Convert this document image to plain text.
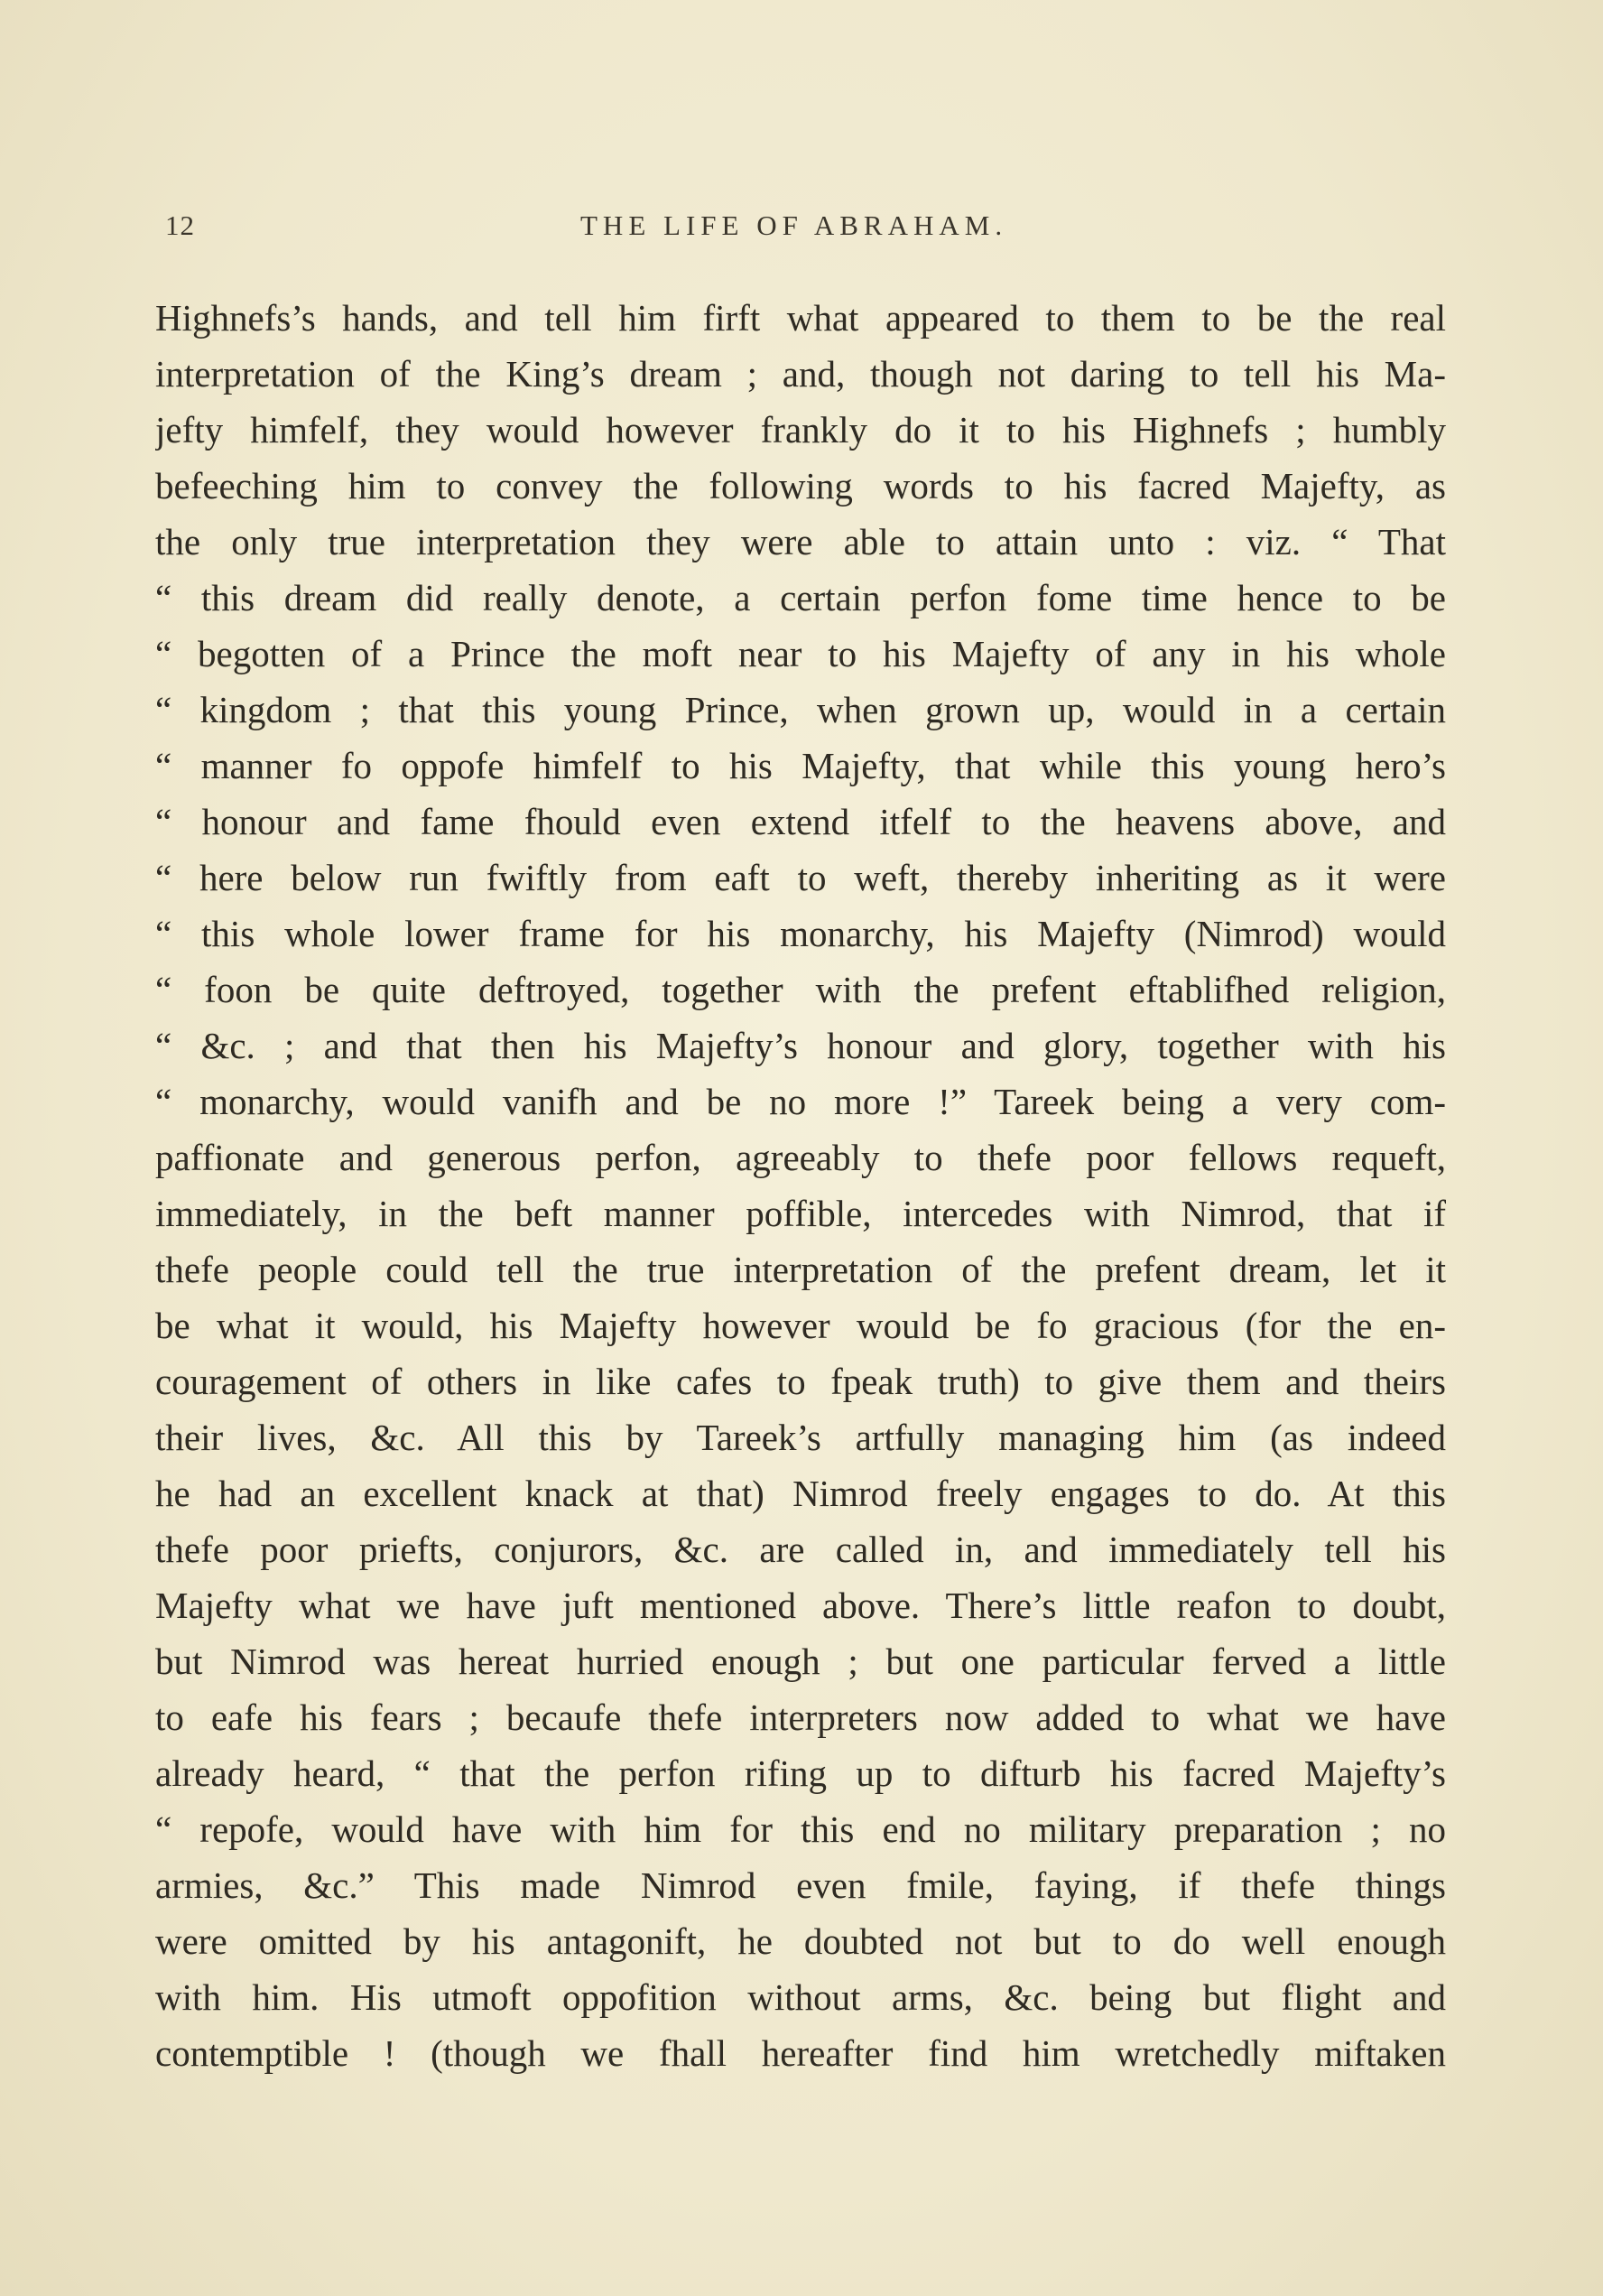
12	THE LIFE OF ABRAHAM.
Highnefs’s hands, and tell him firft what appeared to them to be the real
interpretation of the King’s dream ; and, though not daring to tell his Ma-
jefty himfelf, they would however frankly do it to his Highnefs ; humbly
befeeching him to convey the following words to his facred Majefty, as
the only true interpretation they were able to attain unto : viz. “ That
“ this dream did really denote, a certain perfon fome time hence to be
“ begotten of a Prince the moft near to his Majefty of any in his whole
“ kingdom ; that this young Prince, when grown up, would in a certain
“ manner fo oppofe himfelf to his Majefty, that while this young hero’s
“ honour and fame fhould even extend itfelf to the heavens above, and
“ here below run fwiftly from eaft to weft, thereby inheriting as it were
“ this whole lower frame for his monarchy, his Majefty (Nimrod) would
“ foon be quite deftroyed, together with the prefent eftablifhed religion,
“ &c. ; and that then his Majefty’s honour and glory, together with his
“ monarchy, would vanifh and be no more !” Tareek being a very com-
paffionate and generous perfon, agreeably to thefe poor fellows requeft,
immediately, in the beft manner poffible, intercedes with Nimrod, that if
thefe people could tell the true interpretation of the prefent dream, let it
be what it would, his Majefty however would be fo gracious (for the en-
couragement of others in like cafes to fpeak truth) to give them and theirs
their lives, &c. All this by Tareek’s artfully managing him (as indeed
he had an excellent knack at that) Nimrod freely engages to do. At this
thefe poor priefts, conjurors, &c. are called in, and immediately tell his
Majefty what we have juft mentioned above. There’s little reafon to doubt,
but Nimrod was hereat hurried enough ; but one particular ferved a little
to eafe his fears ; becaufe thefe interpreters now added to what we have
already heard, “ that the perfon rifing up to difturb his facred Majefty’s
“ repofe, would have with him for this end no military preparation ; no
armies, &c.” This made Nimrod even fmile, faying, if thefe things
were omitted by his antagonift, he doubted not but to do well enough
with him. His utmoft oppofition without arms, &c. being but flight and
contemptible ! (though we fhall hereafter find him wretchedly miftaken
